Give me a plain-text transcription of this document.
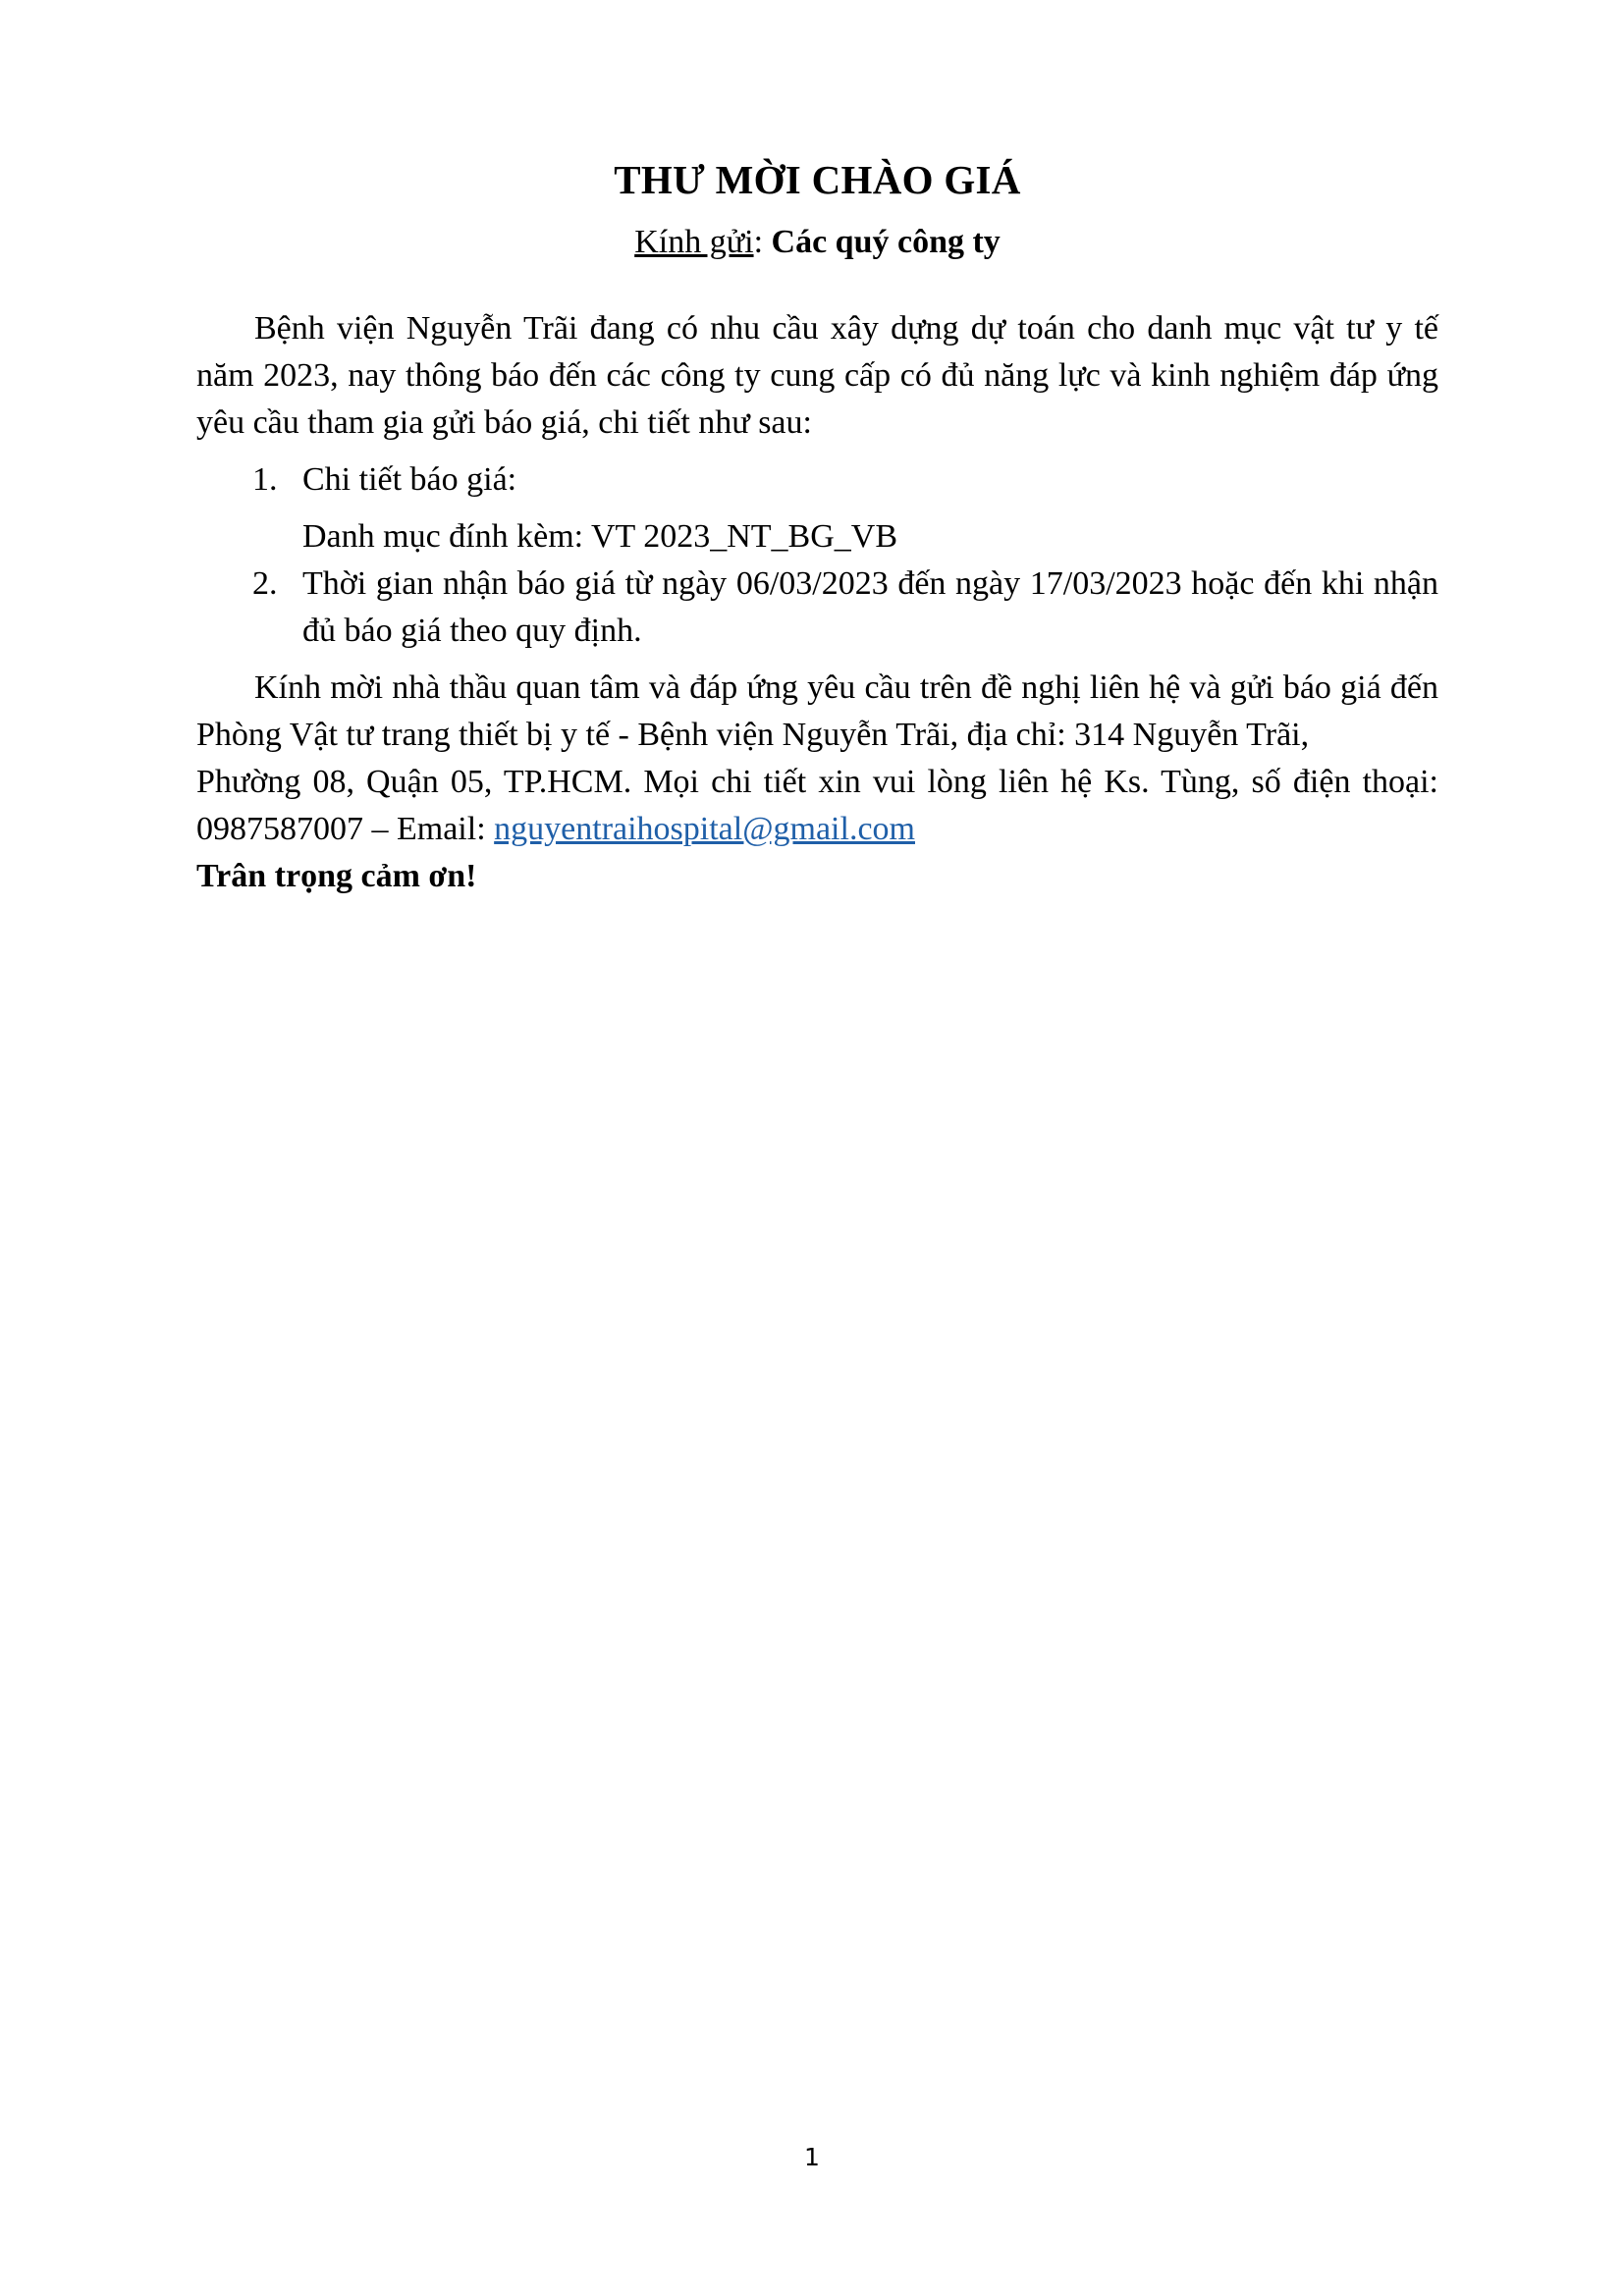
THƯ MỜI CHÀO GIÁ

Kính gửi: Các quý công ty

Bệnh viện Nguyễn Trãi đang có nhu cầu xây dựng dự toán cho danh mục vật tư y tế năm 2023, nay thông báo đến các công ty cung cấp có đủ năng lực và kinh nghiệm đáp ứng yêu cầu tham gia gửi báo giá, chi tiết như sau:

1. Chi tiết báo giá:
Danh mục đính kèm: VT 2023_NT_BG_VB
2. Thời gian nhận báo giá từ ngày 06/03/2023 đến ngày 17/03/2023 hoặc đến khi nhận đủ báo giá theo quy định.

Kính mời nhà thầu quan tâm và đáp ứng yêu cầu trên đề nghị liên hệ và gửi báo giá đến Phòng Vật tư trang thiết bị y tế - Bệnh viện Nguyễn Trãi, địa chỉ: 314 Nguyễn Trãi,

Phường 08, Quận 05, TP.HCM. Mọi chi tiết xin vui lòng liên hệ Ks. Tùng, số điện thoại: 0987587007 – Email: nguyentraihospital@gmail.com

Trân trọng cảm ơn!

1
